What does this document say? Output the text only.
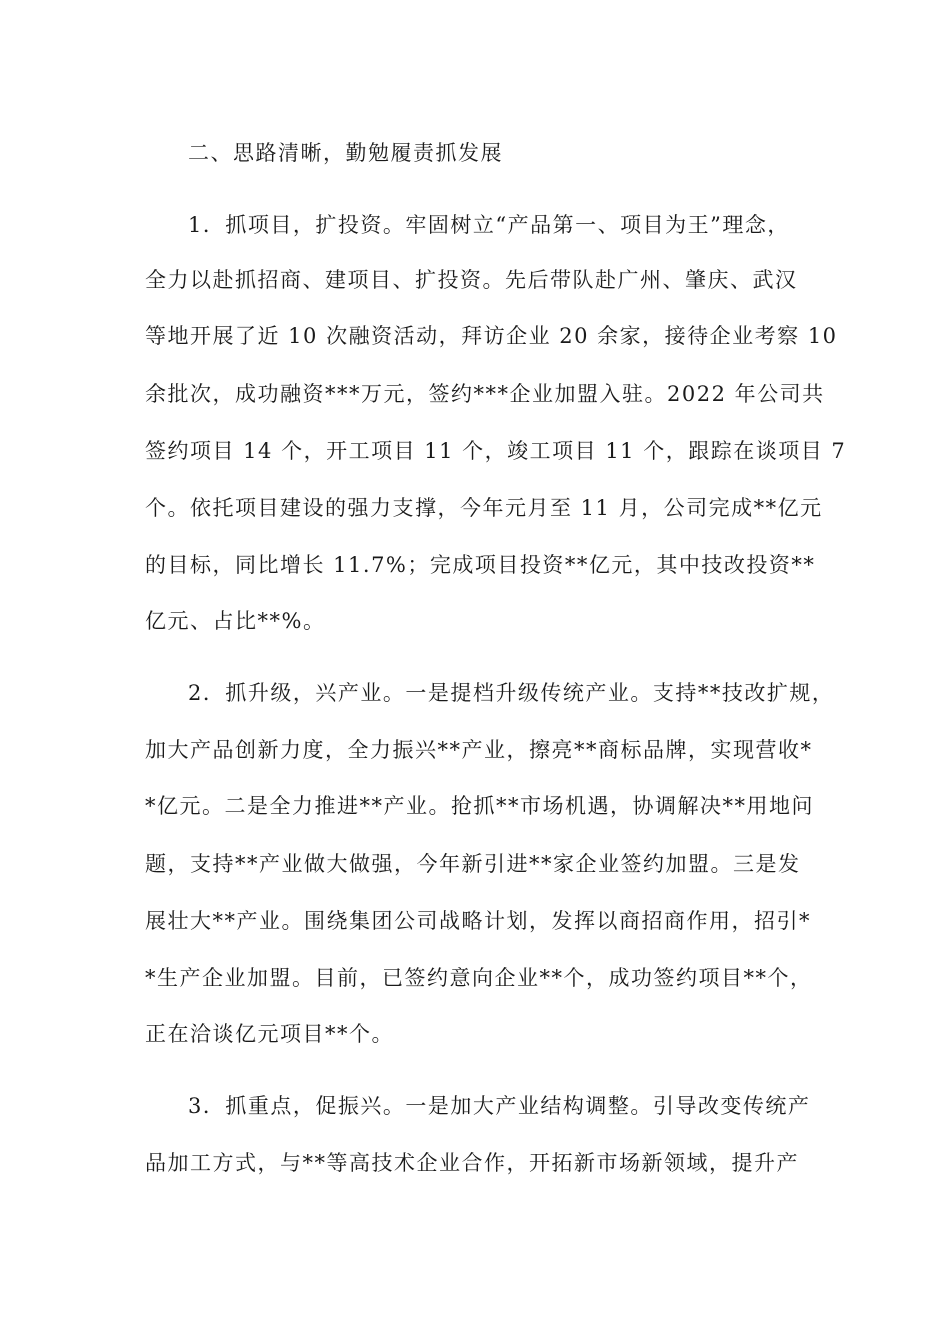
二、思路清晰，勤勉履责抓发展
1．抓项目，扩投资。牢固树立“产品第一、项目为王”理念，
全力以赴抓招商、建项目、扩投资。先后带队赴广州、肇庆、武汉
等地开展了近 10 次融资活动，拜访企业 20 余家，接待企业考察 10
余批次，成功融资***万元，签约***企业加盟入驻。2022 年公司共
签约项目 14 个，开工项目 11 个，竣工项目 11 个，跟踪在谈项目 7
个。依托项目建设的强力支撑，今年元月至 11 月，公司完成**亿元
的目标，同比增长 11.7%；完成项目投资**亿元，其中技改投资**
亿元、占比**%。
2．抓升级，兴产业。一是提档升级传统产业。支持**技改扩规，
加大产品创新力度，全力振兴**产业，擦亮**商标品牌，实现营收*
*亿元。二是全力推进**产业。抢抓**市场机遇，协调解决**用地问
题，支持**产业做大做强，今年新引进**家企业签约加盟。三是发
展壮大**产业。围绕集团公司战略计划，发挥以商招商作用，招引*
*生产企业加盟。目前，已签约意向企业**个，成功签约项目**个，
正在洽谈亿元项目**个。
3．抓重点，促振兴。一是加大产业结构调整。引导改变传统产
品加工方式，与**等高技术企业合作，开拓新市场新领域，提升产
